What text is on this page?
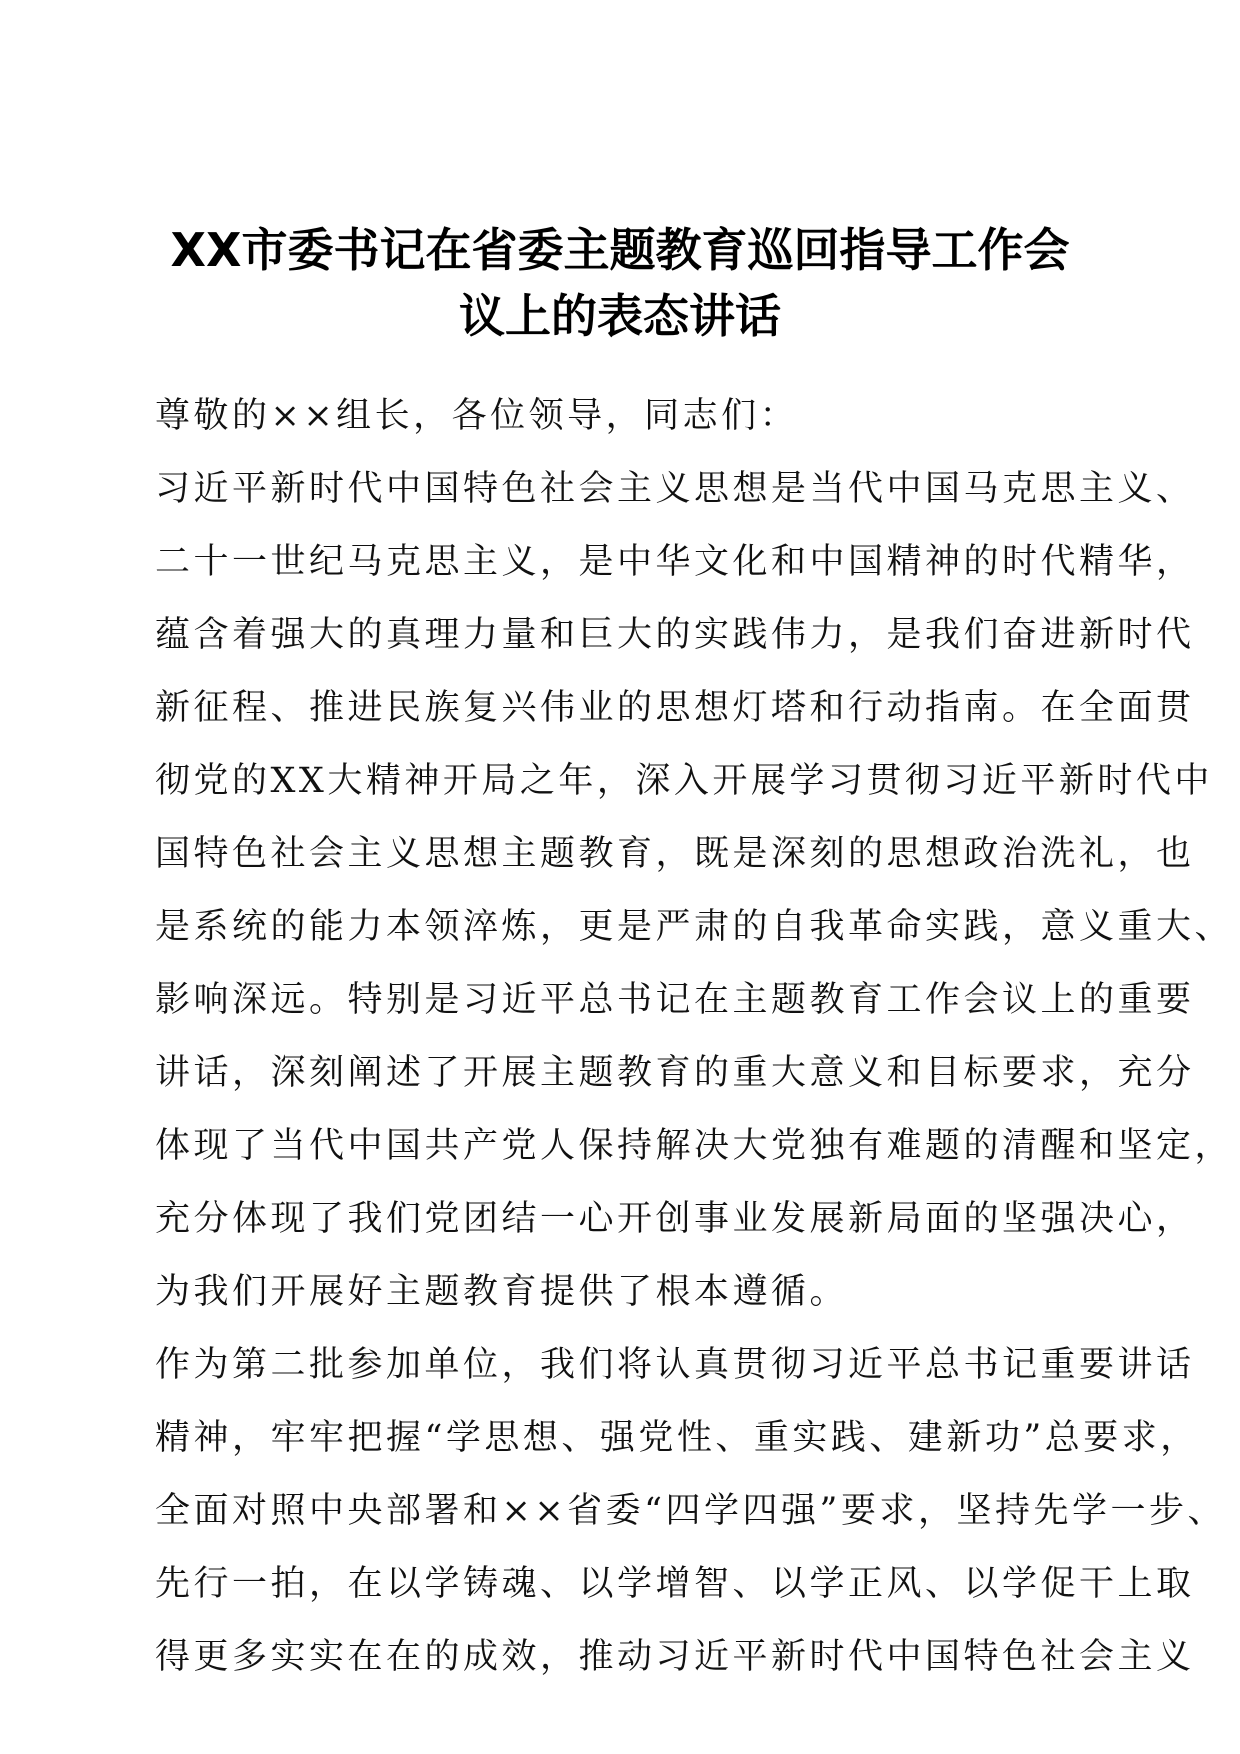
XX市委书记在省委主题教育巡回指导工作会
议上的表态讲话
尊敬的××组长，各位领导，同志们：
习近平新时代中国特色社会主义思想是当代中国马克思主义、
二十一世纪马克思主义，是中华文化和中国精神的时代精华，
蕴含着强大的真理力量和巨大的实践伟力，是我们奋进新时代
新征程、推进民族复兴伟业的思想灯塔和行动指南。在全面贯
彻党的XX大精神开局之年，深入开展学习贯彻习近平新时代中
国特色社会主义思想主题教育，既是深刻的思想政治洗礼，也
是系统的能力本领淬炼，更是严肃的自我革命实践，意义重大、
影响深远。特别是习近平总书记在主题教育工作会议上的重要
讲话，深刻阐述了开展主题教育的重大意义和目标要求，充分
体现了当代中国共产党人保持解决大党独有难题的清醒和坚定，
充分体现了我们党团结一心开创事业发展新局面的坚强决心，
为我们开展好主题教育提供了根本遵循。
作为第二批参加单位，我们将认真贯彻习近平总书记重要讲话
精神，牢牢把握“学思想、强党性、重实践、建新功”总要求，
全面对照中央部署和××省委“四学四强”要求，坚持先学一步、
先行一拍，在以学铸魂、以学增智、以学正风、以学促干上取
得更多实实在在的成效，推动习近平新时代中国特色社会主义
